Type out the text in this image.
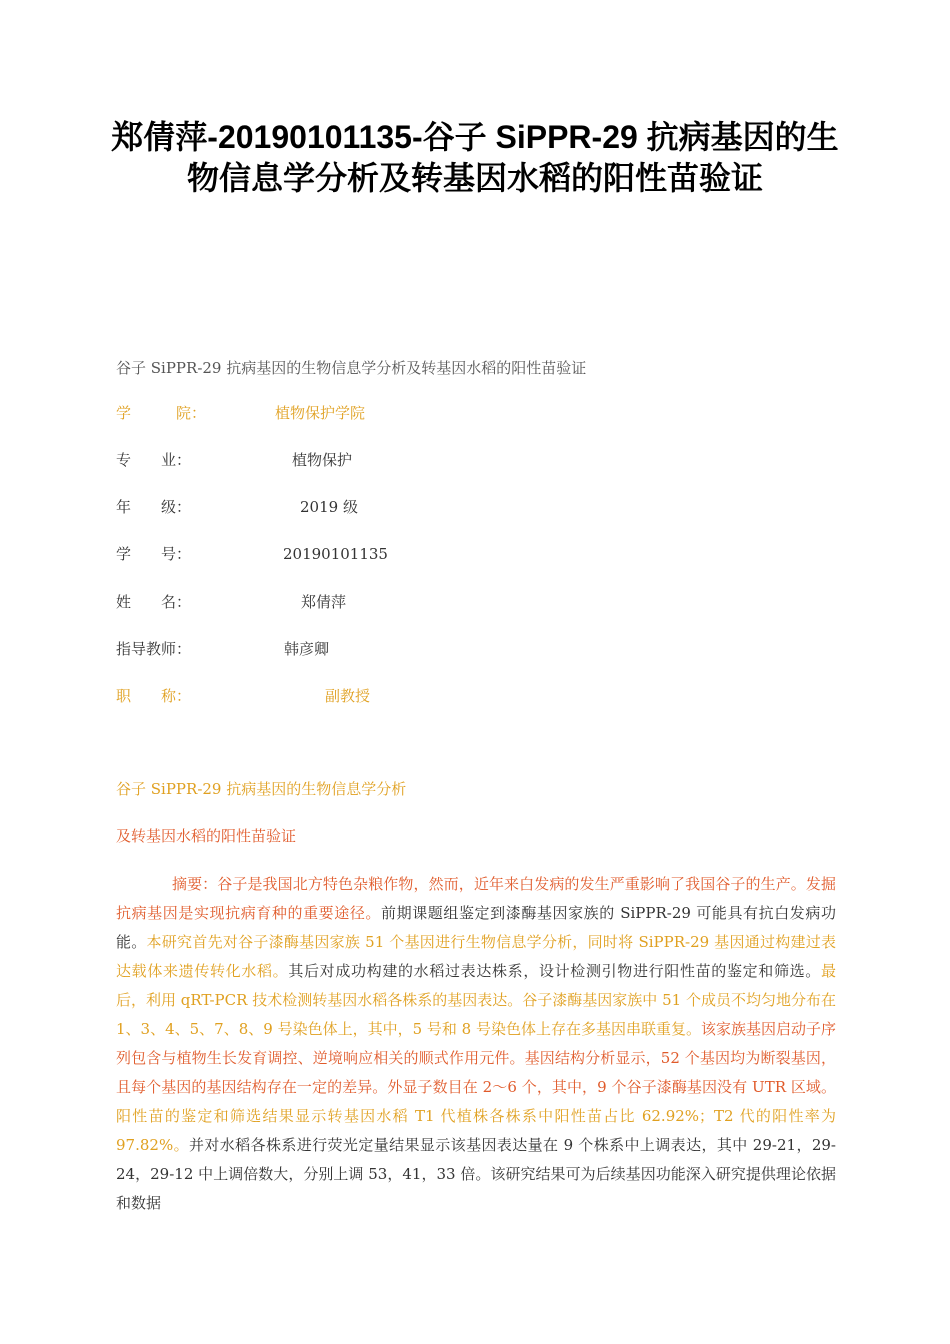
郑倩萍-20190101135-谷子 SiPPR-29 抗病基因的生物信息学分析及转基因水稻的阳性苗验证
谷子 SiPPR-29 抗病基因的生物信息学分析及转基因水稻的阳性苗验证
学　　　院：	植物保护学院
专　　业：	植物保护
年　　级：	2019 级
学　　号：	20190101135
姓　　名：	郑倩萍
指导教师：	韩彦卿
职　　称：	副教授
谷子 SiPPR-29 抗病基因的生物信息学分析
及转基因水稻的阳性苗验证

摘要：谷子是我国北方特色杂粮作物，然而，近年来白发病的发生严重影响了我国谷子的生产。发掘抗病基因是实现抗病育种的重要途径。前期课题组鉴定到漆酶基因家族的 SiPPR-29 可能具有抗白发病功能。本研究首先对谷子漆酶基因家族 51 个基因进行生物信息学分析，同时将 SiPPR-29 基因通过构建过表达载体来遗传转化水稻。其后对成功构建的水稻过表达株系，设计检测引物进行阳性苗的鉴定和筛选。最后，利用 qRT-PCR 技术检测转基因水稻各株系的基因表达。谷子漆酶基因家族中 51 个成员不均匀地分布在 1、3、4、5、7、8、9 号染色体上，其中，5 号和 8 号染色体上存在多基因串联重复。该家族基因启动子序列包含与植物生长发育调控、逆境响应相关的顺式作用元件。基因结构分析显示，52 个基因均为断裂基因，且每个基因的基因结构存在一定的差异。外显子数目在 2～6 个，其中，9 个谷子漆酶基因没有 UTR 区域。阳性苗的鉴定和筛选结果显示转基因水稻 T1 代植株各株系中阳性苗占比 62.92%；T2 代的阳性率为 97.82%。并对水稻各株系进行荧光定量结果显示该基因表达量在 9 个株系中上调表达，其中 29-21，29-24，29-12 中上调倍数大，分别上调 53，41，33 倍。该研究结果可为后续基因功能深入研究提供理论依据和数据
